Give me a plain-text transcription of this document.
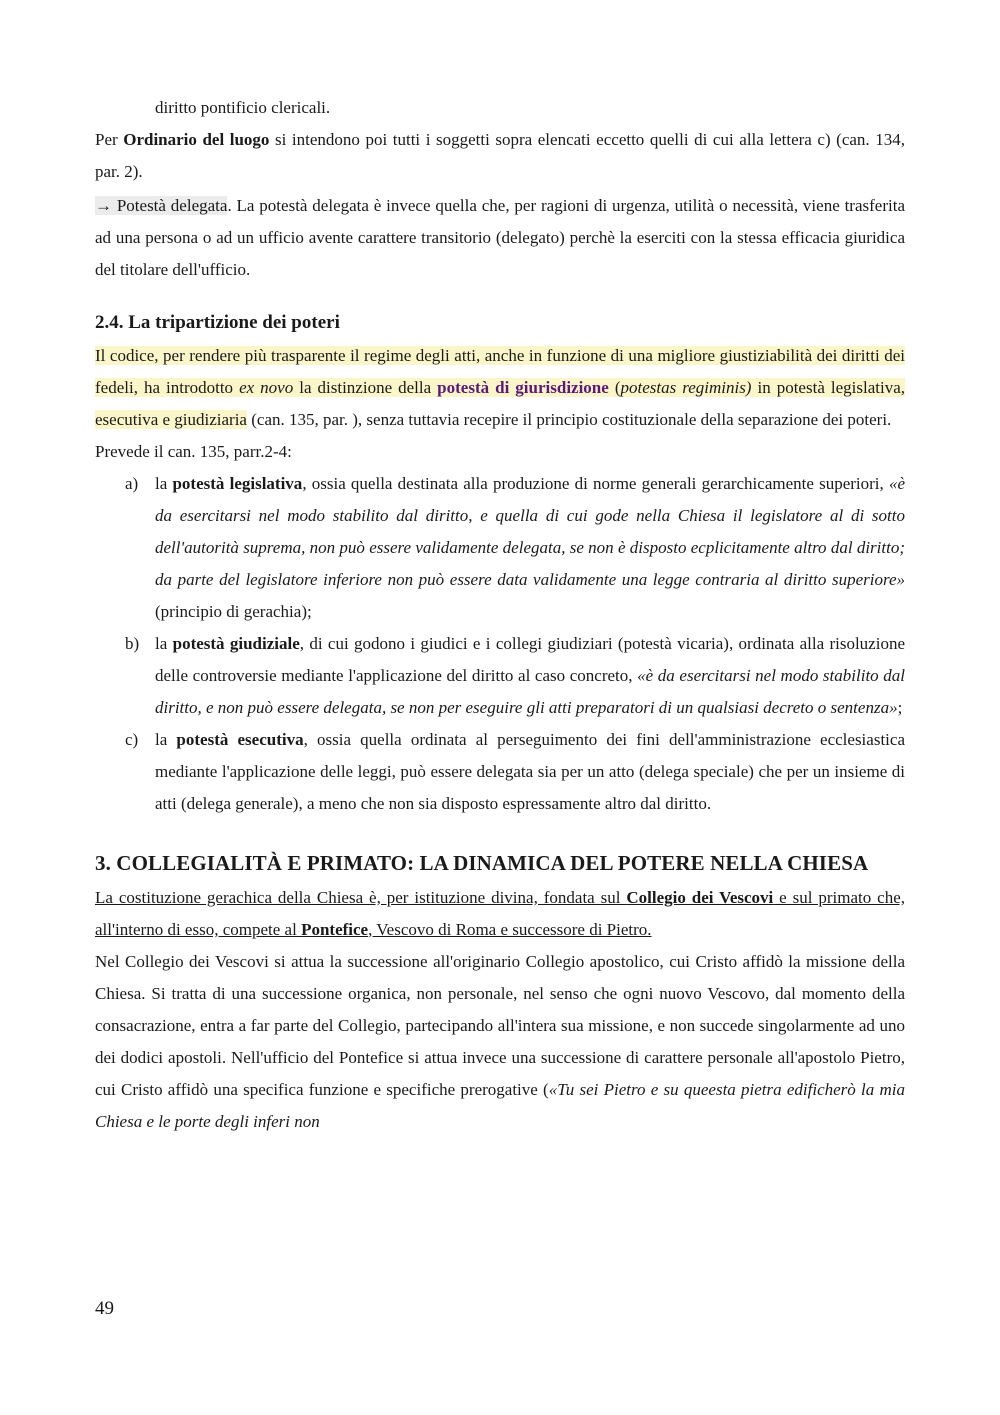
diritto pontificio clericali.

Per Ordinario del luogo si intendono poi tutti i soggetti sopra elencati eccetto quelli di cui alla lettera c) (can. 134, par. 2).

→ Potestà delegata. La potestà delegata è invece quella che, per ragioni di urgenza, utilità o necessità, viene trasferita ad una persona o ad un ufficio avente carattere transitorio (delegato) perchè la eserciti con la stessa efficacia giuridica del titolare dell'ufficio.

2.4. La tripartizione dei poteri

Il codice, per rendere più trasparente il regime degli atti, anche in funzione di una migliore giustiziabilità dei diritti dei fedeli, ha introdotto ex novo la distinzione della potestà di giurisdizione (potestas regiminis) in potestà legislativa, esecutiva e giudiziaria (can. 135, par. ), senza tuttavia recepire il principio costituzionale della separazione dei poteri.

Prevede il can. 135, parr.2-4:

a) la potestà legislativa, ossia quella destinata alla produzione di norme generali gerarchicamente superiori, «è da esercitarsi nel modo stabilito dal diritto, e quella di cui gode nella Chiesa il legislatore al di sotto dell'autorità suprema, non può essere validamente delegata, se non è disposto ecplicitamente altro dal diritto; da parte del legislatore inferiore non può essere data validamente una legge contraria al diritto superiore» (principio di gerachia);

b) la potestà giudiziale, di cui godono i giudici e i collegi giudiziari (potestà vicaria), ordinata alla risoluzione delle controversie mediante l'applicazione del diritto al caso concreto, «è da esercitarsi nel modo stabilito dal diritto, e non può essere delegata, se non per eseguire gli atti preparatori di un qualsiasi decreto o sentenza»;

c) la potestà esecutiva, ossia quella ordinata al perseguimento dei fini dell'amministrazione ecclesiastica mediante l'applicazione delle leggi, può essere delegata sia per un atto (delega speciale) che per un insieme di atti (delega generale), a meno che non sia disposto espressamente altro dal diritto.

3. COLLEGIALITÀ E PRIMATO: LA DINAMICA DEL POTERE NELLA CHIESA

La costituzione gerachica della Chiesa è, per istituzione divina, fondata sul Collegio dei Vescovi e sul primato che, all'interno di esso, compete al Pontefice, Vescovo di Roma e successore di Pietro.

Nel Collegio dei Vescovi si attua la successione all'originario Collegio apostolico, cui Cristo affidò la missione della Chiesa. Si tratta di una successione organica, non personale, nel senso che ogni nuovo Vescovo, dal momento della consacrazione, entra a far parte del Collegio, partecipando all'intera sua missione, e non succede singolarmente ad uno dei dodici apostoli. Nell'ufficio del Pontefice si attua invece una successione di carattere personale all'apostolo Pietro, cui Cristo affidò una specifica funzione e specifiche prerogative («Tu sei Pietro e su queesta pietra edificherò la mia Chiesa e le porte degli inferi non

49
